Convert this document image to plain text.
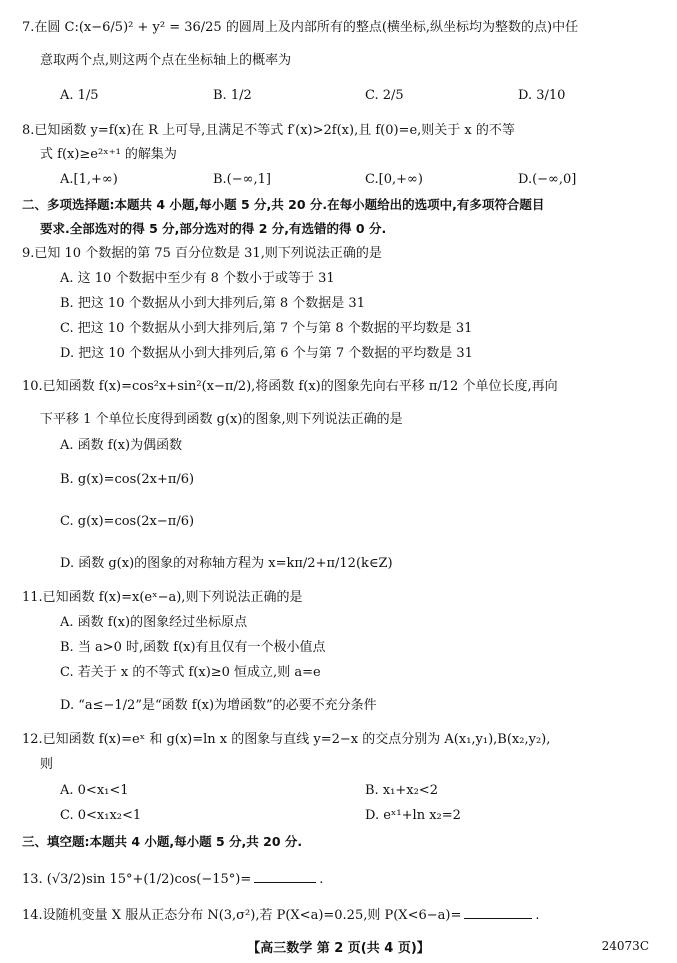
7.在圆 C:(x−6/5)² + y² = 36/25 的圆周上及内部所有的整点(横坐标,纵坐标均为整数的点)中任
意取两个点,则这两个点在坐标轴上的概率为
A. 1/5	B. 1/2	C. 2/5	D. 3/10
8.已知函数 y=f(x)在 R 上可导,且满足不等式 f′(x)>2f(x),且 f(0)=e,则关于 x 的不等
式 f(x)≥e²ˣ⁺¹ 的解集为
A.[1,+∞)	B.(−∞,1]	C.[0,+∞)	D.(−∞,0]
二、多项选择题:本题共 4 小题,每小题 5 分,共 20 分.在每小题给出的选项中,有多项符合题目
要求.全部选对的得 5 分,部分选对的得 2 分,有选错的得 0 分.
9.已知 10 个数据的第 75 百分位数是 31,则下列说法正确的是
A. 这 10 个数据中至少有 8 个数小于或等于 31
B. 把这 10 个数据从小到大排列后,第 8 个数据是 31
C. 把这 10 个数据从小到大排列后,第 7 个与第 8 个数据的平均数是 31
D. 把这 10 个数据从小到大排列后,第 6 个与第 7 个数据的平均数是 31
10.已知函数 f(x)=cos²x+sin²(x−π/2),将函数 f(x)的图象先向右平移 π/12 个单位长度,再向
下平移 1 个单位长度得到函数 g(x)的图象,则下列说法正确的是
A. 函数 f(x)为偶函数
B. g(x)=cos(2x+π/6)
C. g(x)=cos(2x−π/6)
D. 函数 g(x)的图象的对称轴方程为 x=kπ/2+π/12(k∈Z)
11.已知函数 f(x)=x(eˣ−a),则下列说法正确的是
A. 函数 f(x)的图象经过坐标原点
B. 当 a>0 时,函数 f(x)有且仅有一个极小值点
C. 若关于 x 的不等式 f(x)≥0 恒成立,则 a=e
D. “a≤−1/2”是“函数 f(x)为增函数”的必要不充分条件
12.已知函数 f(x)=eˣ 和 g(x)=ln x 的图象与直线 y=2−x 的交点分别为 A(x₁,y₁),B(x₂,y₂),
则
A. 0<x₁<1	B. x₁+x₂<2
C. 0<x₁x₂<1	D. eˣ¹+ln x₂=2
三、填空题:本题共 4 小题,每小题 5 分,共 20 分.
13. (√3/2)sin 15°+(1/2)cos(−15°)=	.
14.设随机变量 X 服从正态分布 N(3,σ²),若 P(X<a)=0.25,则 P(X<6−a)=	.
【高三数学 第 2 页(共 4 页)】	24073C
